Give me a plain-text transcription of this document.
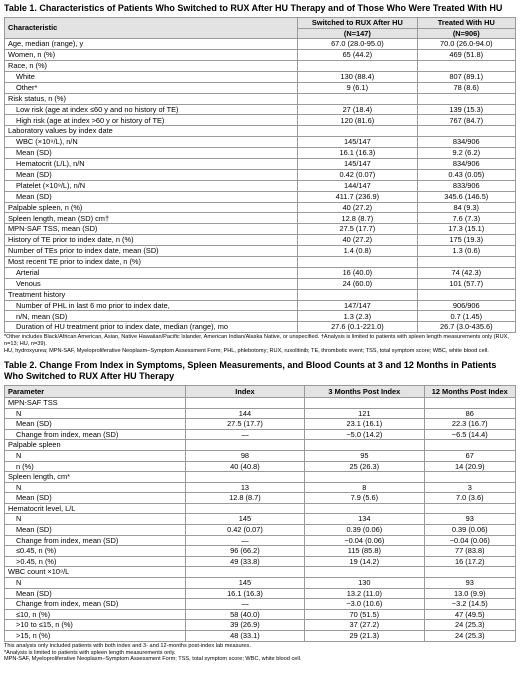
Table 1. Characteristics of Patients Who Switched to RUX After HU Therapy and of Those Who Were Treated With HU
Characteristic	Switched to RUX After HU	Treated With HU
	(N=147)	(N=906)
Age, median (range), y	67.0 (28.0-95.0)	70.0 (26.0-94.0)
Women, n (%)	65 (44.2)	469 (51.8)
Race, n (%)		
White	130 (88.4)	807 (89.1)
Other*	9 (6.1)	78 (8.6)
Risk status, n (%)		
Low risk (age at index ≤60 y and no history of TE)	27 (18.4)	139 (15.3)
High risk (age at index >60 y or history of TE)	120 (81.6)	767 (84.7)
Laboratory values by index date		
WBC (×10⁹/L), n/N	145/147	834/906
Mean (SD)	16.1 (16.3)	9.2 (6.2)
Hematocrit (L/L), n/N	145/147	834/906
Mean (SD)	0.42 (0.07)	0.43 (0.05)
Platelet (×10⁹/L), n/N	144/147	833/906
Mean (SD)	411.7 (236.9)	345.6 (146.5)
Palpable spleen, n (%)	40 (27.2)	84 (9.3)
Spleen length, mean (SD) cm†	12.8 (8.7)	7.6 (7.3)
MPN-SAF TSS, mean (SD)	27.5 (17.7)	17.3 (15.1)
History of TE prior to index date, n (%)	40 (27.2)	175 (19.3)
Number of TEs prior to index date, mean (SD)	1.4 (0.8)	1.3 (0.6)
Most recent TE prior to index date, n (%)		
Arterial	16 (40.0)	74 (42.3)
Venous	24 (60.0)	101 (57.7)
Treatment history		
Number of PHL in last 6 mo prior to index date,	147/147	906/906
n/N, mean (SD)	1.3 (2.3)	0.7 (1.45)
Duration of HU treatment prior to index date, median (range), mo	27.6 (0.1-221.0)	26.7 (3.0-435.6)

*Other includes Black/African American, Asian, Native Hawaiian/Pacific Islander, American Indian/Alaska Native, or unspecified. †Analysis is limited to patients with spleen length measurements only (RUX, n=13; HU, n=39).

HU, hydroxyurea; MPN-SAF, Myeloproliferative Neoplasm–Symptom Assessment Form; PHL, phlebotomy; RUX, ruxolitinib; TE, thrombotic event; TSS, total symptom score; WBC, white blood cell.

Table 2. Change From Index in Symptoms, Spleen Measurements, and Blood Counts at 3 and 12 Months in Patients Who Switched to RUX After HU Therapy
Parameter	Index	3 Months Post Index	12 Months Post Index
MPN-SAF TSS			
N	144	121	86
Mean (SD)	27.5 (17.7)	23.1 (16.1)	22.3 (16.7)
Change from index, mean (SD)	—	−5.0 (14.2)	−6.5 (14.4)
Palpable spleen			
N	98	95	67
n (%)	40 (40.8)	25 (26.3)	14 (20.9)
Spleen length, cm*			
N	13	8	3
Mean (SD)	12.8 (8.7)	7.9 (5.6)	7.0 (3.6)
Hematocrit level, L/L			
N	145	134	93
Mean (SD)	0.42 (0.07)	0.39 (0.06)	0.39 (0.06)
Change from index, mean (SD)	—	−0.04 (0.06)	−0.04 (0.06)
≤0.45, n (%)	96 (66.2)	115 (85.8)	77 (83.8)
>0.45, n (%)	49 (33.8)	19 (14.2)	16 (17.2)
WBC count ×10⁹/L			
N	145	130	93
Mean (SD)	16.1 (16.3)	13.2 (11.0)	13.0 (9.9)
Change from index, mean (SD)	—	−3.0 (10.6)	−3.2 (14.5)
≤10, n (%)	58 (40.0)	70 (51.5)	47 (49.5)
>10 to ≤15, n (%)	39 (26.9)	37 (27.2)	24 (25.3)
>15, n (%)	48 (33.1)	29 (21.3)	24 (25.3)

This analysis only included patients with both index and 3- and 12-months post-index lab measures.

*Analysis is limited to patients with spleen length measurements only.

MPN-SAF, Myeloproliferative Neoplasm–Symptom Assessment Form; TSS, total symptom score; WBC, white blood cell.
